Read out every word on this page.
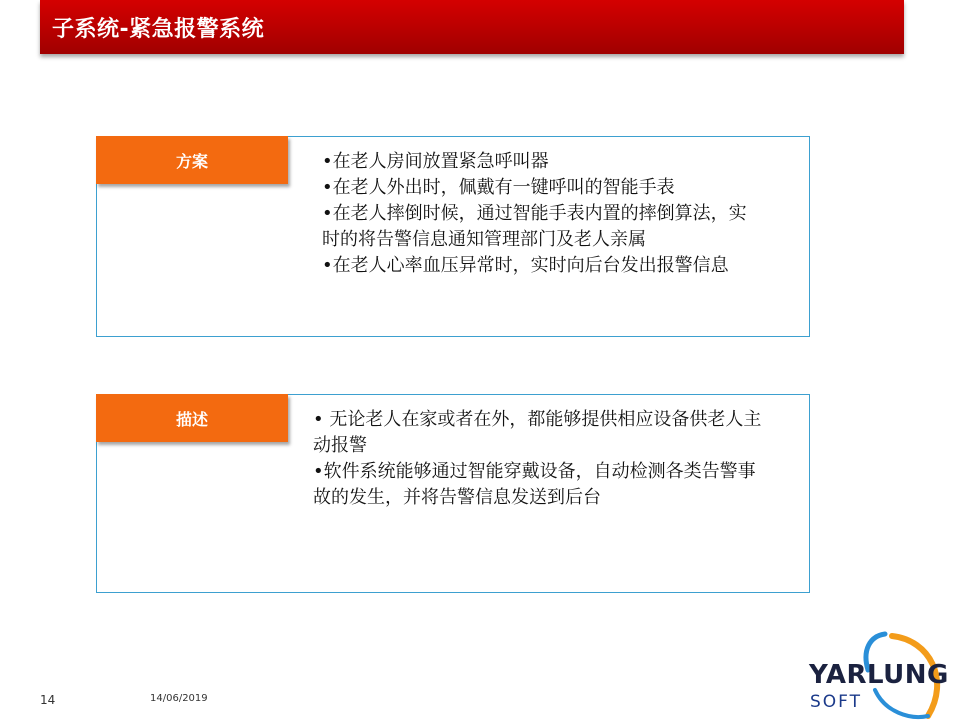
子系统-紧急报警系统
方案	•在老人房间放置紧急呼叫器
•在老人外出时，佩戴有一键呼叫的智能手表
•在老人摔倒时候，通过智能手表内置的摔倒算法，实时的将告警信息通知管理部门及老人亲属
•在老人心率血压异常时，实时向后台发出报警信息
描述	• 无论老人在家或者在外，都能够提供相应设备供老人主动报警
•软件系统能够通过智能穿戴设备，自动检测各类告警事故的发生，并将告警信息发送到后台
14	14/06/2019
YARLUNG
SOFT
